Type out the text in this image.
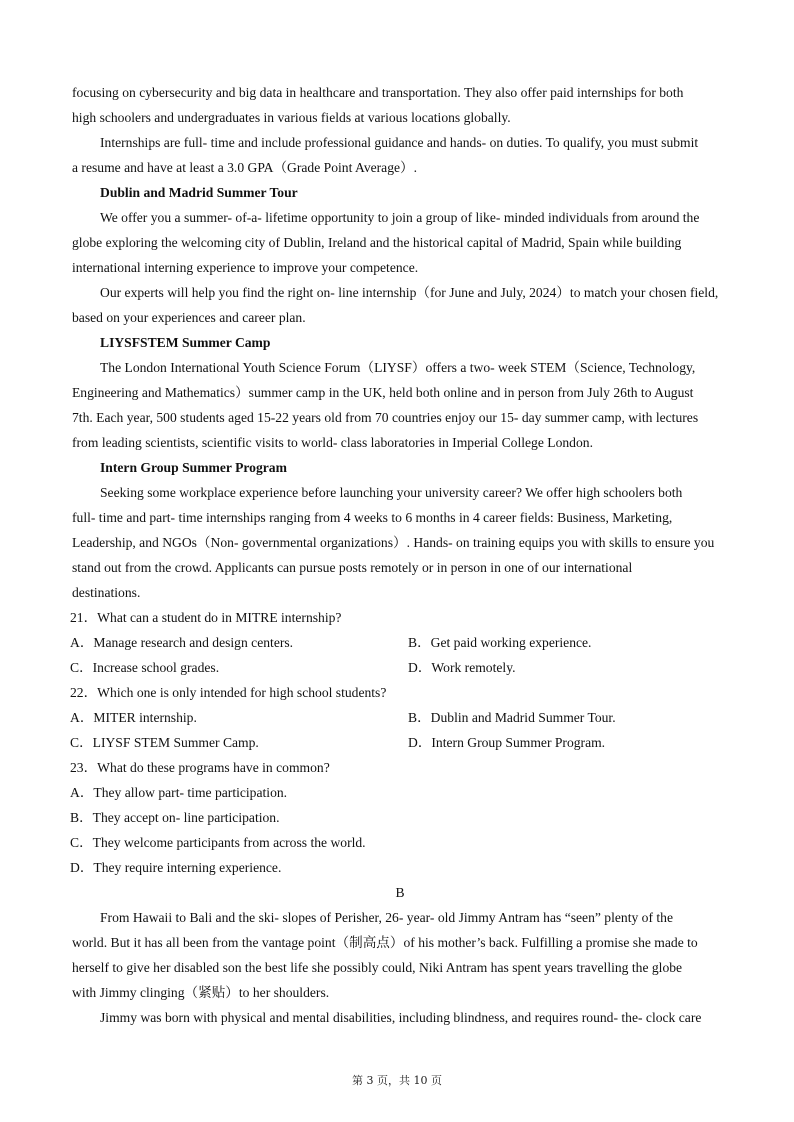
focusing on cybersecurity and big data in healthcare and transportation. They also offer paid internships for both
high schoolers and undergraduates in various fields at various locations globally.
Internships are full- time and include professional guidance and hands- on duties. To qualify, you must submit
a resume and have at least a 3.0 GPA（Grade Point Average）.
Dublin and Madrid Summer Tour
We offer you a summer- of-a- lifetime opportunity to join a group of like- minded individuals from around the
globe exploring the welcoming city of Dublin, Ireland and the historical capital of Madrid, Spain while building
international interning experience to improve your competence.
Our experts will help you find the right on- line internship（for June and July, 2024）to match your chosen field,
based on your experiences and career plan.
LIYSFSTEM Summer Camp
The London International Youth Science Forum（LIYSF）offers a two- week STEM（Science, Technology,
Engineering and Mathematics）summer camp in the UK, held both online and in person from July 26th to August
7th. Each year, 500 students aged 15-22 years old from 70 countries enjoy our 15- day summer camp, with lectures
from leading scientists, scientific visits to world- class laboratories in Imperial College London.
Intern Group Summer Program
Seeking some workplace experience before launching your university career? We offer high schoolers both
full- time and part- time internships ranging from 4 weeks to 6 months in 4 career fields: Business, Marketing,
Leadership, and NGOs（Non- governmental organizations）. Hands- on training equips you with skills to ensure you
stand out from the crowd. Applicants can pursue posts remotely or in person in one of our international
destinations.
21．What can a student do in MITRE internship?
A．Manage research and design centers.	B．Get paid working experience.
C．Increase school grades.	D．Work remotely.
22．Which one is only intended for high school students?
A．MITER internship.	B．Dublin and Madrid Summer Tour.
C．LIYSF STEM Summer Camp.	D．Intern Group Summer Program.
23．What do these programs have in common?
A．They allow part- time participation.
B．They accept on- line participation.
C．They welcome participants from across the world.
D．They require interning experience.
B
From Hawaii to Bali and the ski- slopes of Perisher, 26- year- old Jimmy Antram has “seen” plenty of the
world. But it has all been from the vantage point（制高点）of his mother’s back. Fulfilling a promise she made to
herself to give her disabled son the best life she possibly could, Niki Antram has spent years travelling the globe
with Jimmy clinging（紧贴）to her shoulders.
Jimmy was born with physical and mental disabilities, including blindness, and requires round- the- clock care
第 3 页，共 10 页
